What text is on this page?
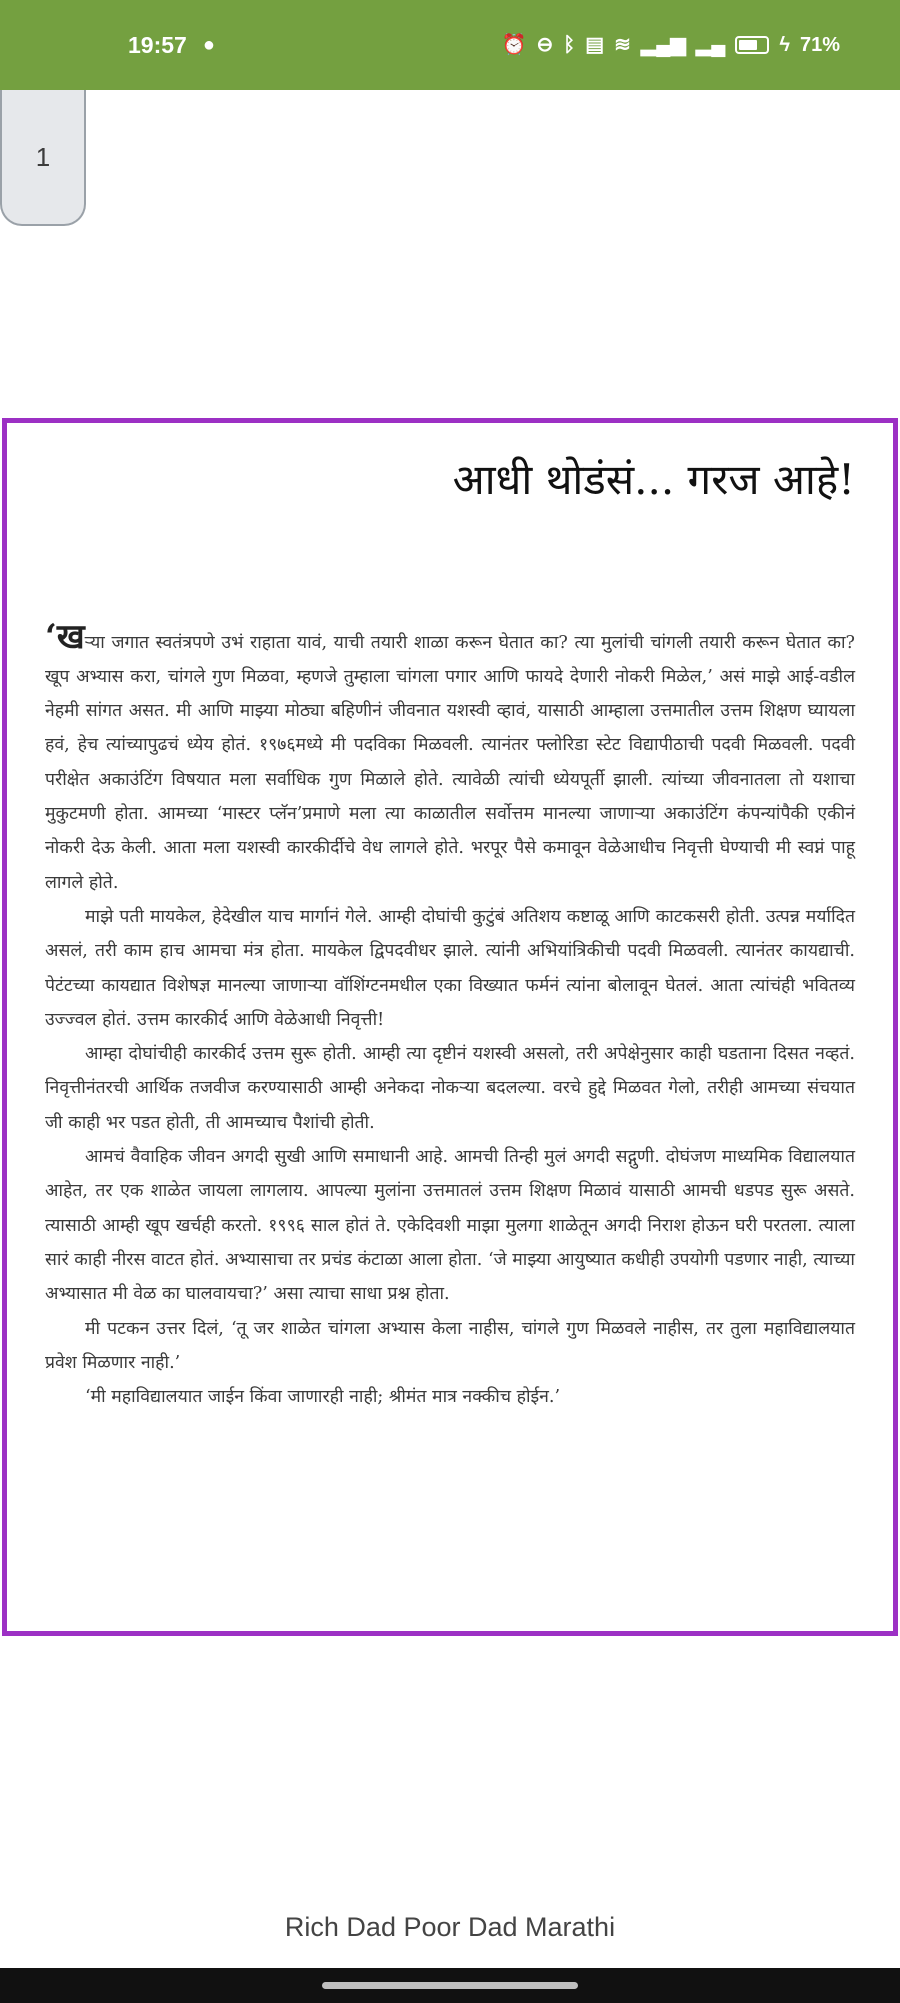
19:57 ●	⏰ ⊖ ᛒ ▤ ≋ ▂▄▆ ▂▄	ϟ 71%
1
आधी थोडंसं... गरज आहे!

‘खऱ्या जगात स्वतंत्रपणे उभं राहाता यावं, याची तयारी शाळा करून घेतात का? त्या मुलांची चांगली तयारी करून घेतात का? खूप अभ्यास करा, चांगले गुण मिळवा, म्हणजे तुम्हाला चांगला पगार आणि फायदे देणारी नोकरी मिळेल,’ असं माझे आई-वडील नेहमी सांगत असत. मी आणि माझ्या मोठ्या बहिणीनं जीवनात यशस्वी व्हावं, यासाठी आम्हाला उत्तमातील उत्तम शिक्षण घ्यायला हवं, हेच त्यांच्यापुढचं ध्येय होतं. १९७६मध्ये मी पदविका मिळवली. त्यानंतर फ्लोरिडा स्टेट विद्यापीठाची पदवी मिळवली. पदवी परीक्षेत अकाउंटिंग विषयात मला सर्वाधिक गुण मिळाले होते. त्यावेळी त्यांची ध्येयपूर्ती झाली. त्यांच्या जीवनातला तो यशाचा मुकुटमणी होता. आमच्या ‘मास्टर प्लॅन’प्रमाणे मला त्या काळातील सर्वोत्तम मानल्या जाणाऱ्या अकाउंटिंग कंपन्यांपैकी एकीनं नोकरी देऊ केली. आता मला यशस्वी कारकीर्दीचे वेध लागले होते. भरपूर पैसे कमावून वेळेआधीच निवृत्ती घेण्याची मी स्वप्नं पाहू लागले होते.

माझे पती मायकेल, हेदेखील याच मार्गानं गेले. आम्ही दोघांची कुटुंबं अतिशय कष्टाळू आणि काटकसरी होती. उत्पन्न मर्यादित असलं, तरी काम हाच आमचा मंत्र होता. मायकेल द्विपदवीधर झाले. त्यांनी अभियांत्रिकीची पदवी मिळवली. त्यानंतर कायद्याची. पेटंटच्या कायद्यात विशेषज्ञ मानल्या जाणाऱ्या वॉशिंग्टनमधील एका विख्यात फर्मनं त्यांना बोलावून घेतलं. आता त्यांचंही भवितव्य उज्ज्वल होतं. उत्तम कारकीर्द आणि वेळेआधी निवृत्ती!

आम्हा दोघांचीही कारकीर्द उत्तम सुरू होती. आम्ही त्या दृष्टीनं यशस्वी असलो, तरी अपेक्षेनुसार काही घडताना दिसत नव्हतं. निवृत्तीनंतरची आर्थिक तजवीज करण्यासाठी आम्ही अनेकदा नोकऱ्या बदलल्या. वरचे हुद्दे मिळवत गेलो, तरीही आमच्या संचयात जी काही भर पडत होती, ती आमच्याच पैशांची होती.

आमचं वैवाहिक जीवन अगदी सुखी आणि समाधानी आहे. आमची तिन्ही मुलं अगदी सद्गुणी. दोघंजण माध्यमिक विद्यालयात आहेत, तर एक शाळेत जायला लागलाय. आपल्या मुलांना उत्तमातलं उत्तम शिक्षण मिळावं यासाठी आमची धडपड सुरू असते. त्यासाठी आम्ही खूप खर्चही करतो. १९९६ साल होतं ते. एकेदिवशी माझा मुलगा शाळेतून अगदी निराश होऊन घरी परतला. त्याला सारं काही नीरस वाटत होतं. अभ्यासाचा तर प्रचंड कंटाळा आला होता. ‘जे माझ्या आयुष्यात कधीही उपयोगी पडणार नाही, त्याच्या अभ्यासात मी वेळ का घालवायचा?’ असा त्याचा साधा प्रश्न होता.

मी पटकन उत्तर दिलं, ‘तू जर शाळेत चांगला अभ्यास केला नाहीस, चांगले गुण मिळवले नाहीस, तर तुला महाविद्यालयात प्रवेश मिळणार नाही.’

‘मी महाविद्यालयात जाईन किंवा जाणारही नाही; श्रीमंत मात्र नक्कीच होईन.’

Rich Dad Poor Dad Marathi
